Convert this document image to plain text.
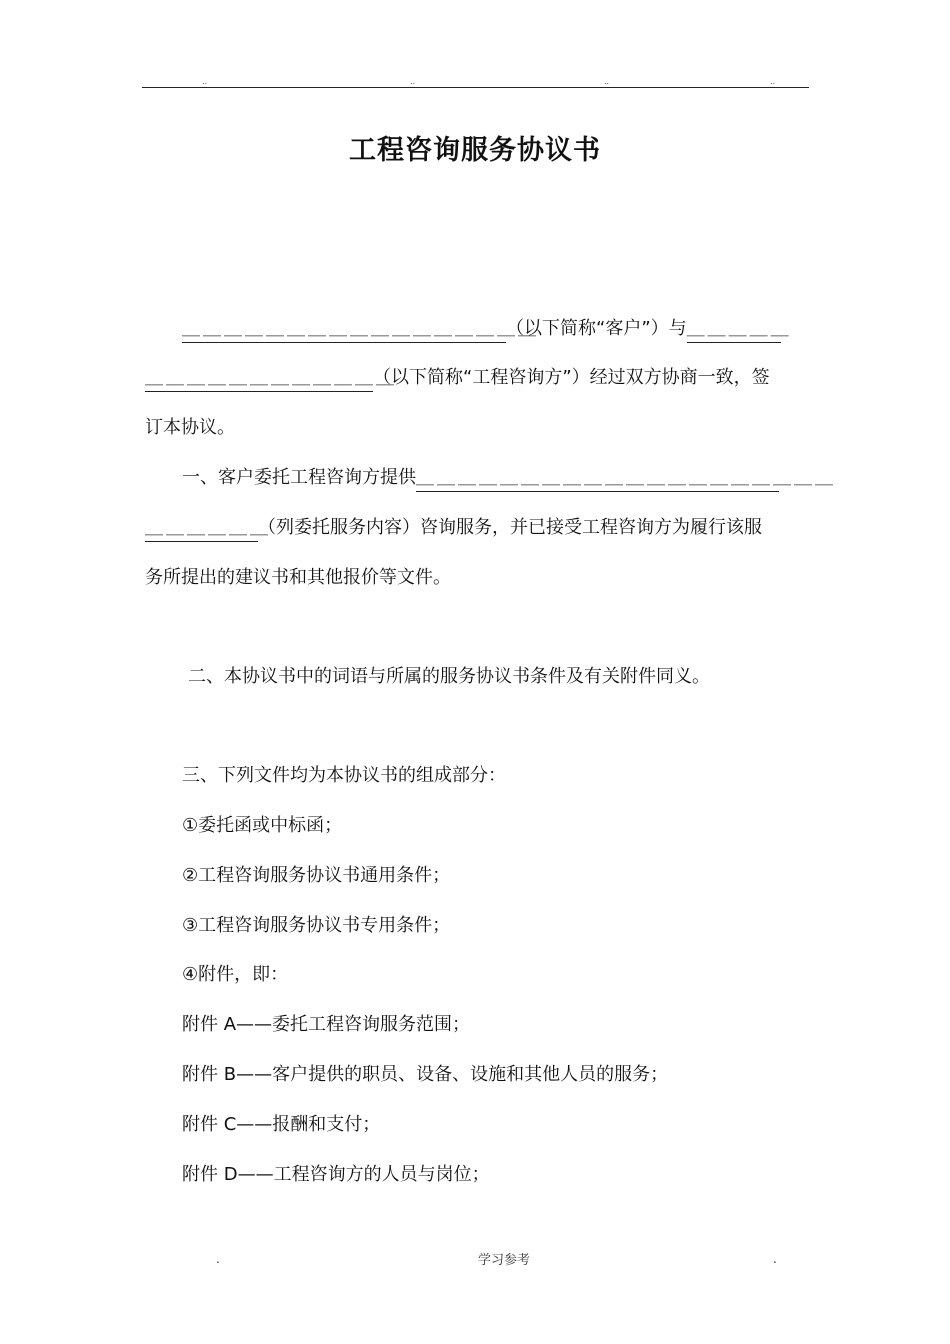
..	..	..	..
工程咨询服务协议书
＿＿＿＿＿＿＿＿＿＿＿＿＿＿＿＿＿（以下简称“客户”）与＿＿＿＿＿
＿＿＿＿＿＿＿＿＿＿＿＿（以下简称“工程咨询方”）经过双方协商一致，签
订本协议。
一、客户委托工程咨询方提供＿＿＿＿＿＿＿＿＿＿＿＿＿＿＿＿＿＿＿＿
＿＿＿＿＿＿（列委托服务内容）咨询服务，并已接受工程咨询方为履行该服
务所提出的建议书和其他报价等文件。
二、本协议书中的词语与所属的服务协议书条件及有关附件同义。
三、下列文件均为本协议书的组成部分：
①委托函或中标函；
②工程咨询服务协议书通用条件；
③工程咨询服务协议书专用条件；
④附件，即：
附件 A——委托工程咨询服务范围；
附件 B——客户提供的职员、设备、设施和其他人员的服务；
附件 C——报酬和支付；
附件 D——工程咨询方的人员与岗位；
.	学习参考	.
